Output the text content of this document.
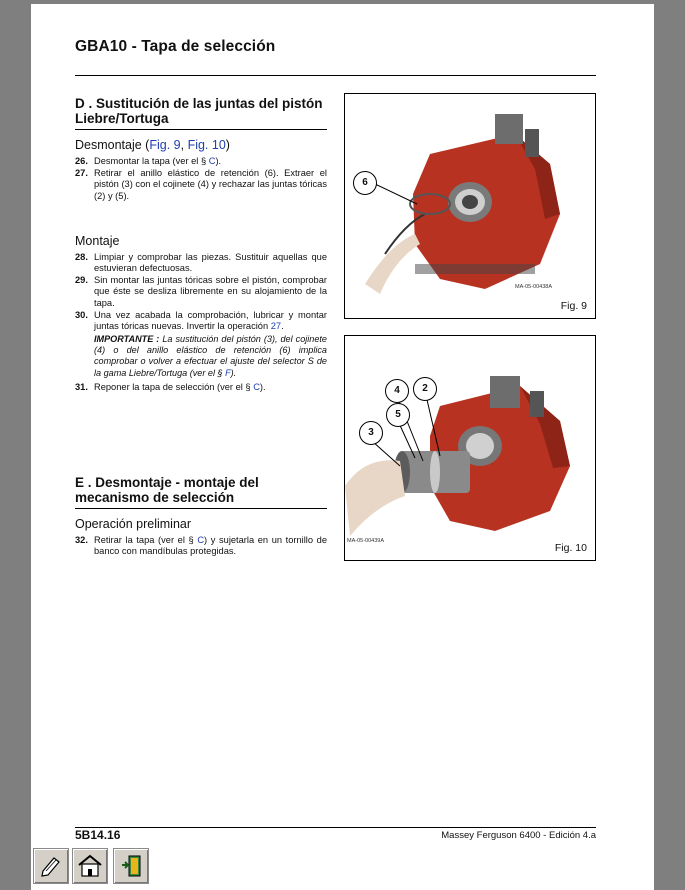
GBA10 - Tapa de selección
D . Sustitución de las juntas del pistón Liebre/Tortuga
Desmontaje (Fig. 9, Fig. 10)
26. Desmontar la tapa (ver el § C).
27. Retirar el anillo elástico de retención (6). Extraer el pistón (3) con el cojinete (4) y rechazar las juntas tóricas (2) y (5).
Montaje
28. Limpiar y comprobar las piezas. Sustituir aquellas que estuvieran defectuosas.
29. Sin montar las juntas tóricas sobre el pistón, comprobar que éste se desliza libremente en su alojamiento de la tapa.
30. Una vez acabada la comprobación, lubricar y montar juntas tóricas nuevas. Invertir la operación 27.
IMPORTANTE : La sustitución del pistón (3), del cojinete (4) o del anillo elástico de retención (6) implica comprobar o volver a efectuar el ajuste del selector S de la gama Liebre/Tortuga (ver el § F).
31. Reponer la tapa de selección (ver el § C).
E . Desmontaje - montaje del mecanismo de selección
Operación preliminar
32. Retirar la tapa (ver el § C) y sujetarla en un tornillo de banco con mandíbulas protegidas.
6
MA-05-00438A
Fig. 9
4	2
5
3
MA-05-00439A
Fig. 10
5B14.16	Massey Ferguson 6400 - Edición 4.a
